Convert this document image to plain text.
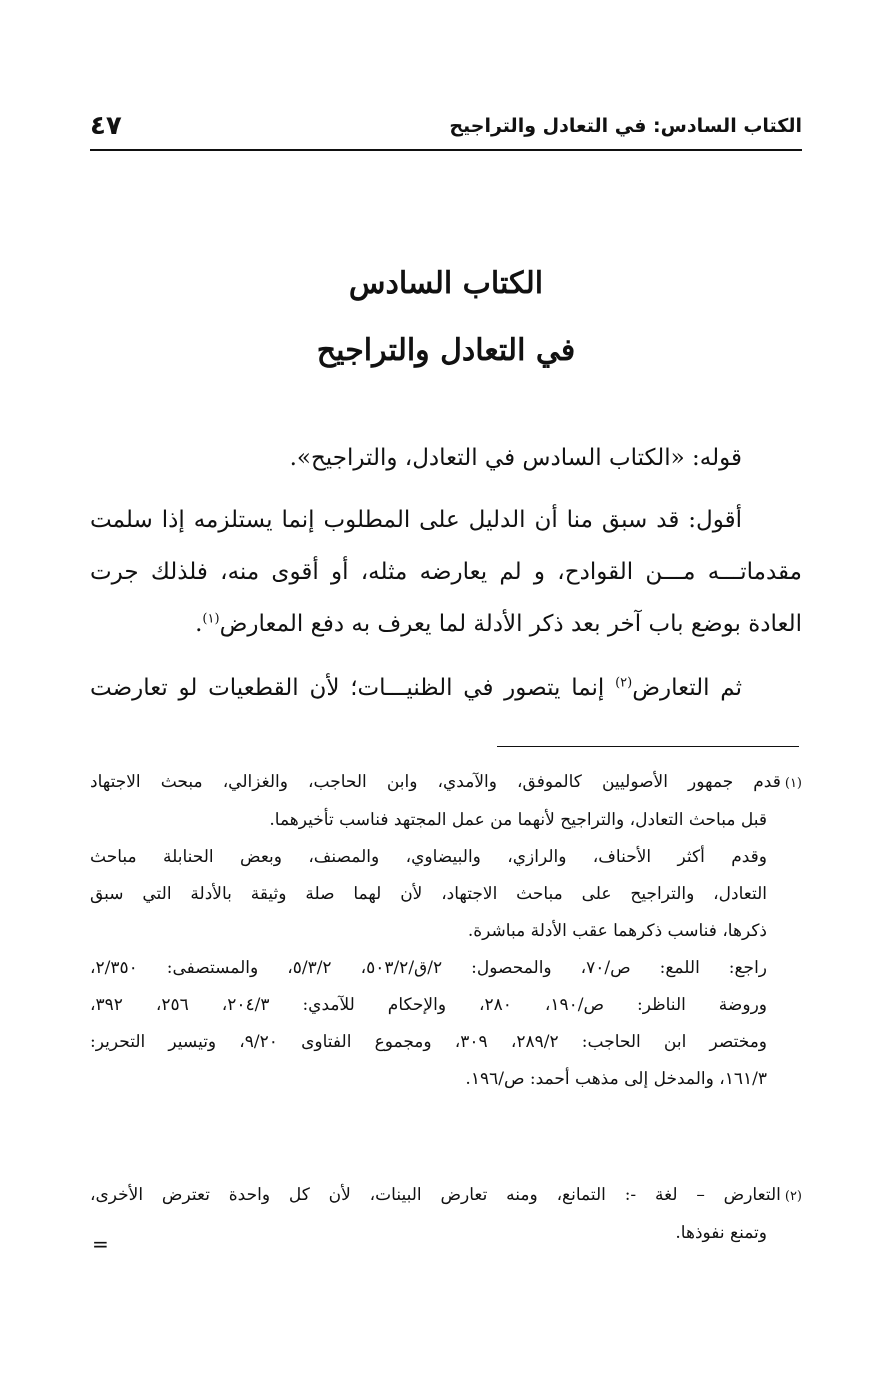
٤٧	الكتاب السادس: في التعادل والتراجيح
الكتاب السادس
في التعادل والتراجيح

قوله: «الكتاب السادس في التعادل، والتراجيح».

أقول: قد سبق منا أن الدليل على المطلوب إنما يستلزمه إذا سلمت
مقدماتـــه مـــن القوادح، و لم يعارضه مثله، أو أقوى منه، فلذلك جرت
العادة بوضع باب آخر بعد ذكر الأدلة لما يعرف به دفع المعارض$^{(١)}$.

ثم التعارض$^{(٢)}$ إنما يتصور في الظنيـــات؛ لأن القطعيات لو تعارضت

(١)قدم جمهور الأصوليين كالموفق، والآمدي، وابن الحاجب، والغزالي، مبحث الاجتهاد
قبل مباحث التعادل، والتراجيح لأنهما من عمل المجتهد فناسب تأخيرهما.
وقدم أكثر الأحناف، والرازي، والبيضاوي، والمصنف، وبعض الحنابلة مباحث
التعادل، والتراجيح على مباحث الاجتهاد، لأن لهما صلة وثيقة بالأدلة التي سبق
ذكرها، فناسب ذكرهما عقب الأدلة مباشرة.
راجع: اللمع: ص/٧٠، والمحصول: ٢/ق/٥٠٣/٢، ٥/٣/٢، والمستصفى: ٢/٣٥٠،
وروضة الناظر: ص/١٩٠، ٢٨٠، والإحكام للآمدي: ٢٠٤/٣، ٢٥٦، ٣٩٢،
ومختصر ابن الحاجب: ٢٨٩/٢، ٣٠٩، ومجموع الفتاوى ٩/٢٠، وتيسير التحرير:
١٦١/٣، والمدخل إلى مذهب أحمد: ص/١٩٦.
(٢)التعارض – لغة -: التمانع، ومنه تعارض البينات، لأن كل واحدة تعترض الأخرى،
وتمنع نفوذها.
=
